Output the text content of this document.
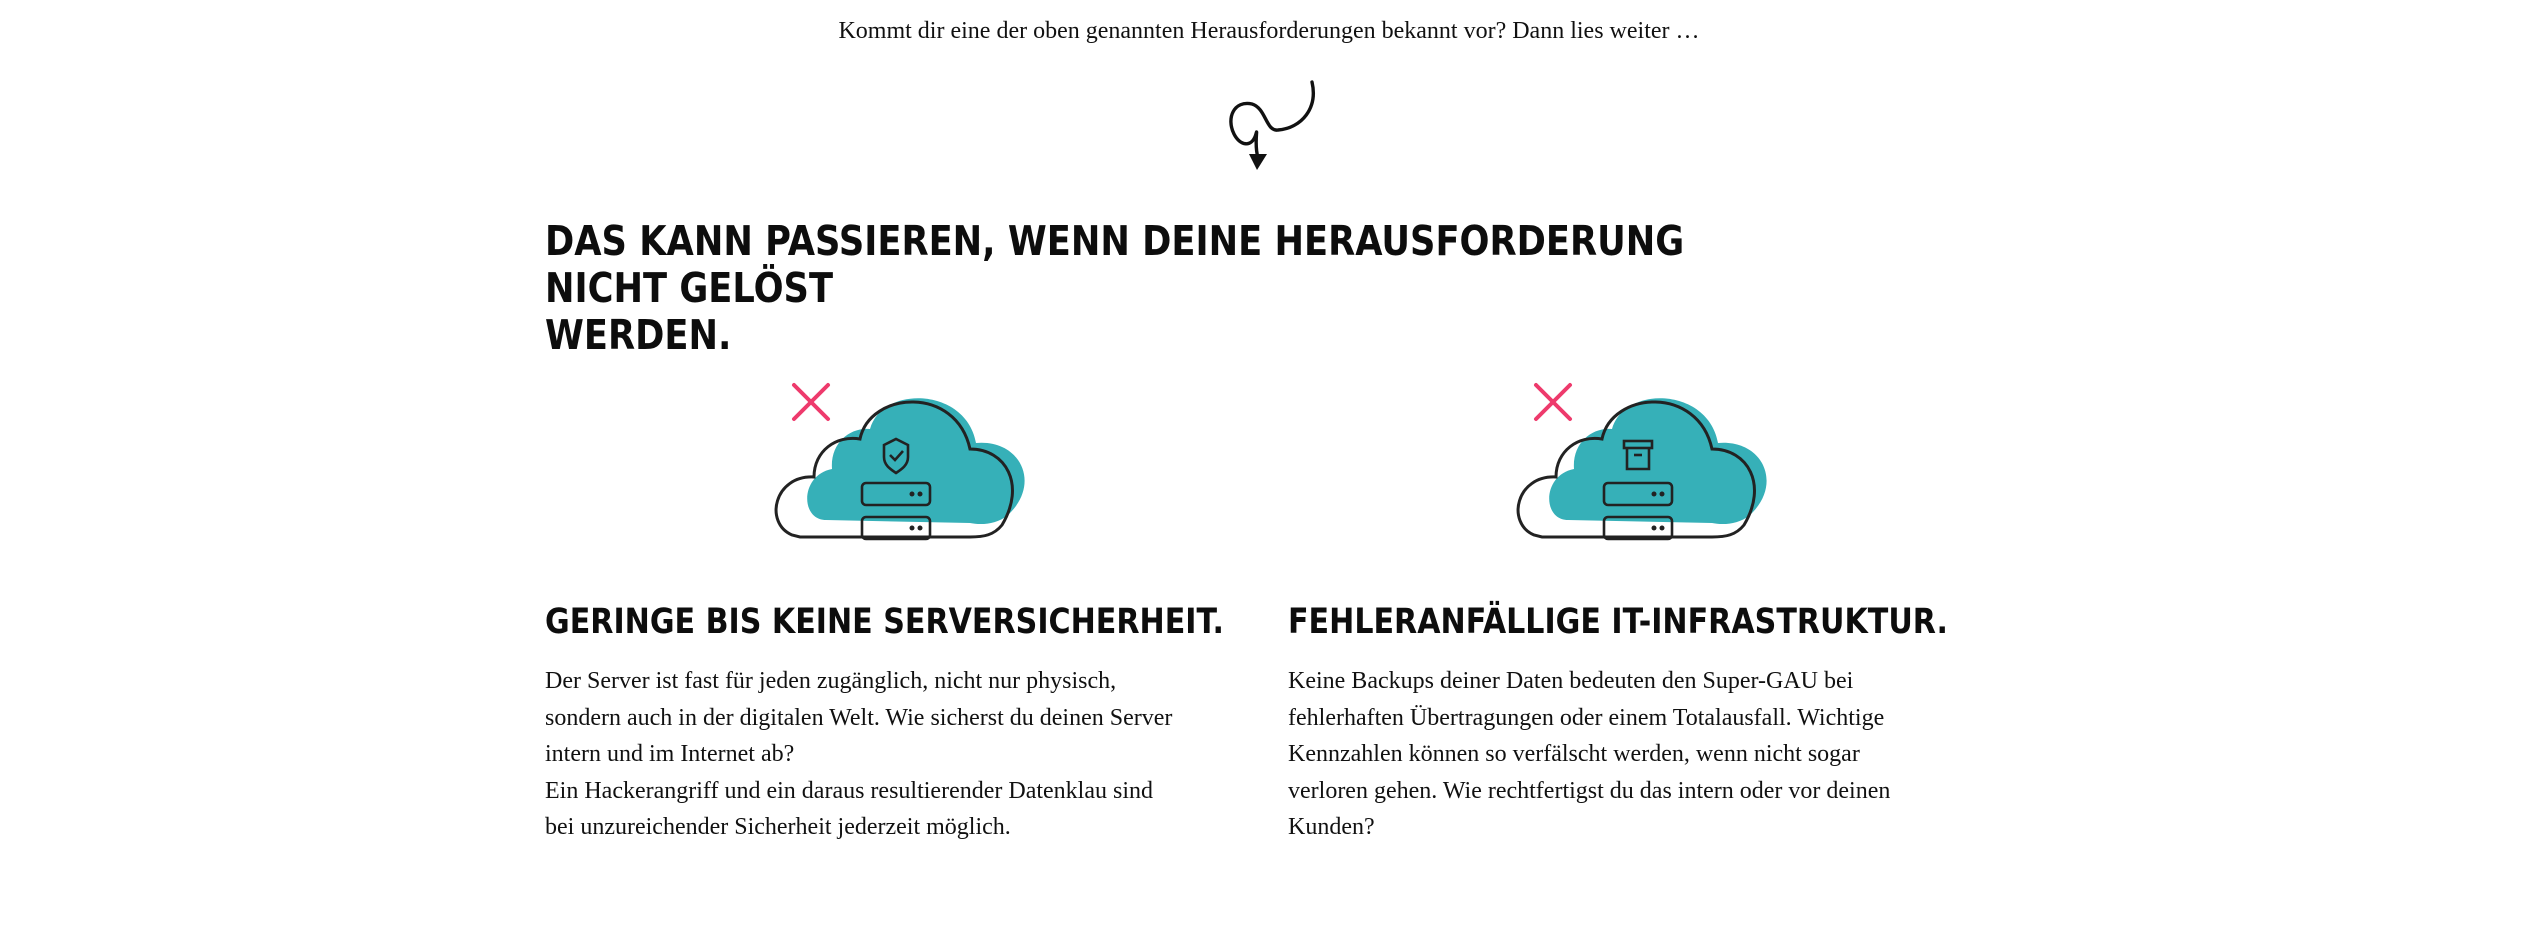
Kommt dir eine der oben genannten Herausforderungen bekannt vor? Dann lies weiter …
DAS KANN PASSIEREN, WENN DEINE HERAUSFORDERUNG NICHT GELÖST
WERDEN.
GERINGE BIS KEINE SERVERSICHERHEIT.

Der Server ist fast für jeden zugänglich, nicht nur physisch,
sondern auch in der digitalen Welt. Wie sicherst du deinen Server
intern und im Internet ab?
Ein Hackerangriff und ein daraus resultierender Datenklau sind
bei unzureichender Sicherheit jederzeit möglich.

FEHLERANFÄLLIGE IT-INFRASTRUKTUR.

Keine Backups deiner Daten bedeuten den Super-GAU bei
fehlerhaften Übertragungen oder einem Totalausfall. Wichtige
Kennzahlen können so verfälscht werden, wenn nicht sogar
verloren gehen. Wie rechtfertigst du das intern oder vor deinen
Kunden?
